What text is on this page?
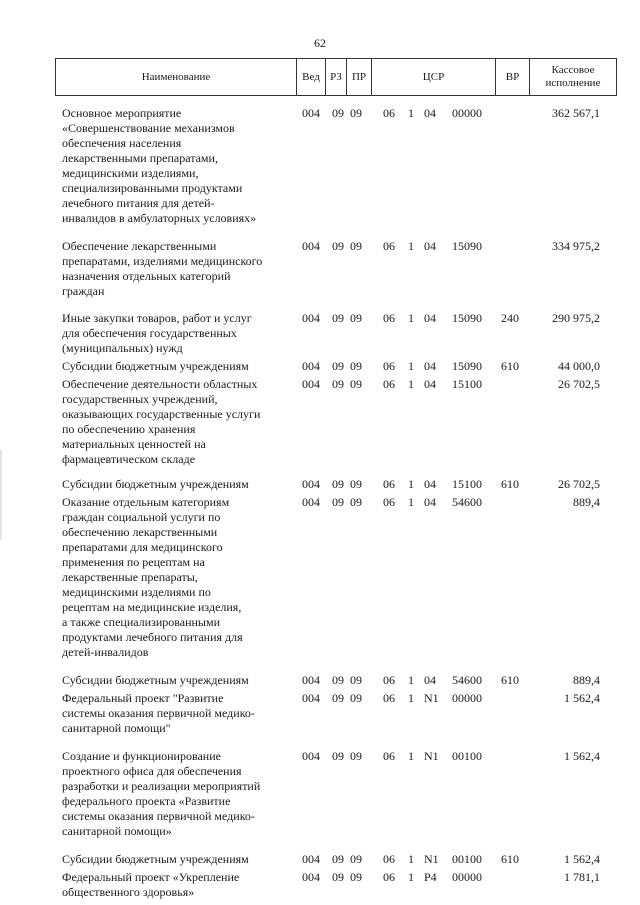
62
Наименование	Вед РЗ ПР	ЦСР	ВР
Кассовое исполнение
Основное мероприятие
«Совершенствование механизмов
обеспечения населения
лекарственными препаратами,
медицинскими изделиями,
специализированными продуктами
лечебного питания для детей-
инвалидов в амбулаторных условиях»
004 09 09 06 1 04 00000	362 567,1
Обеспечение лекарственными
препаратами, изделиями медицинского
назначения отдельных категорий
граждан
004 09 09 06 1 04 15090	334 975,2
Иные закупки товаров, работ и услуг
для обеспечения государственных
(муниципальных) нужд
004 09 09 06 1 04 15090 240	290 975,2
Субсидии бюджетным учреждениям	004 09 09 06 1 04 15090 610	44 000,0
Обеспечение деятельности областных
государственных учреждений,
оказывающих государственные услуги
по обеспечению хранения
материальных ценностей на
фармацевтическом складе
004 09 09 06 1 04 15100	26 702,5
Субсидии бюджетным учреждениям	004 09 09 06 1 04 15100 610	26 702,5
Оказание отдельным категориям
граждан социальной услуги по
обеспечению лекарственными
препаратами для медицинского
применения по рецептам на
лекарственные препараты,
медицинскими изделиями по
рецептам на медицинские изделия,
а также специализированными
продуктами лечебного питания для
детей-инвалидов
004 09 09 06 1 04 54600	889,4
Субсидии бюджетным учреждениям	004 09 09 06 1 04 54600 610	889,4
Федеральный проект "Развитие
системы оказания первичной медико-
санитарной помощи"
004 09 09 06 1 N1 00000	1 562,4
Создание и функционирование
проектного офиса для обеспечения
разработки и реализации мероприятий
федерального проекта «Развитие
системы оказания первичной медико-
санитарной помощи»
004 09 09 06 1 N1 00100	1 562,4
Субсидии бюджетным учреждениям	004 09 09 06 1 N1 00100 610	1 562,4
Федеральный проект «Укрепление
общественного здоровья»
004 09 09 06 1 P4 00000	1 781,1
